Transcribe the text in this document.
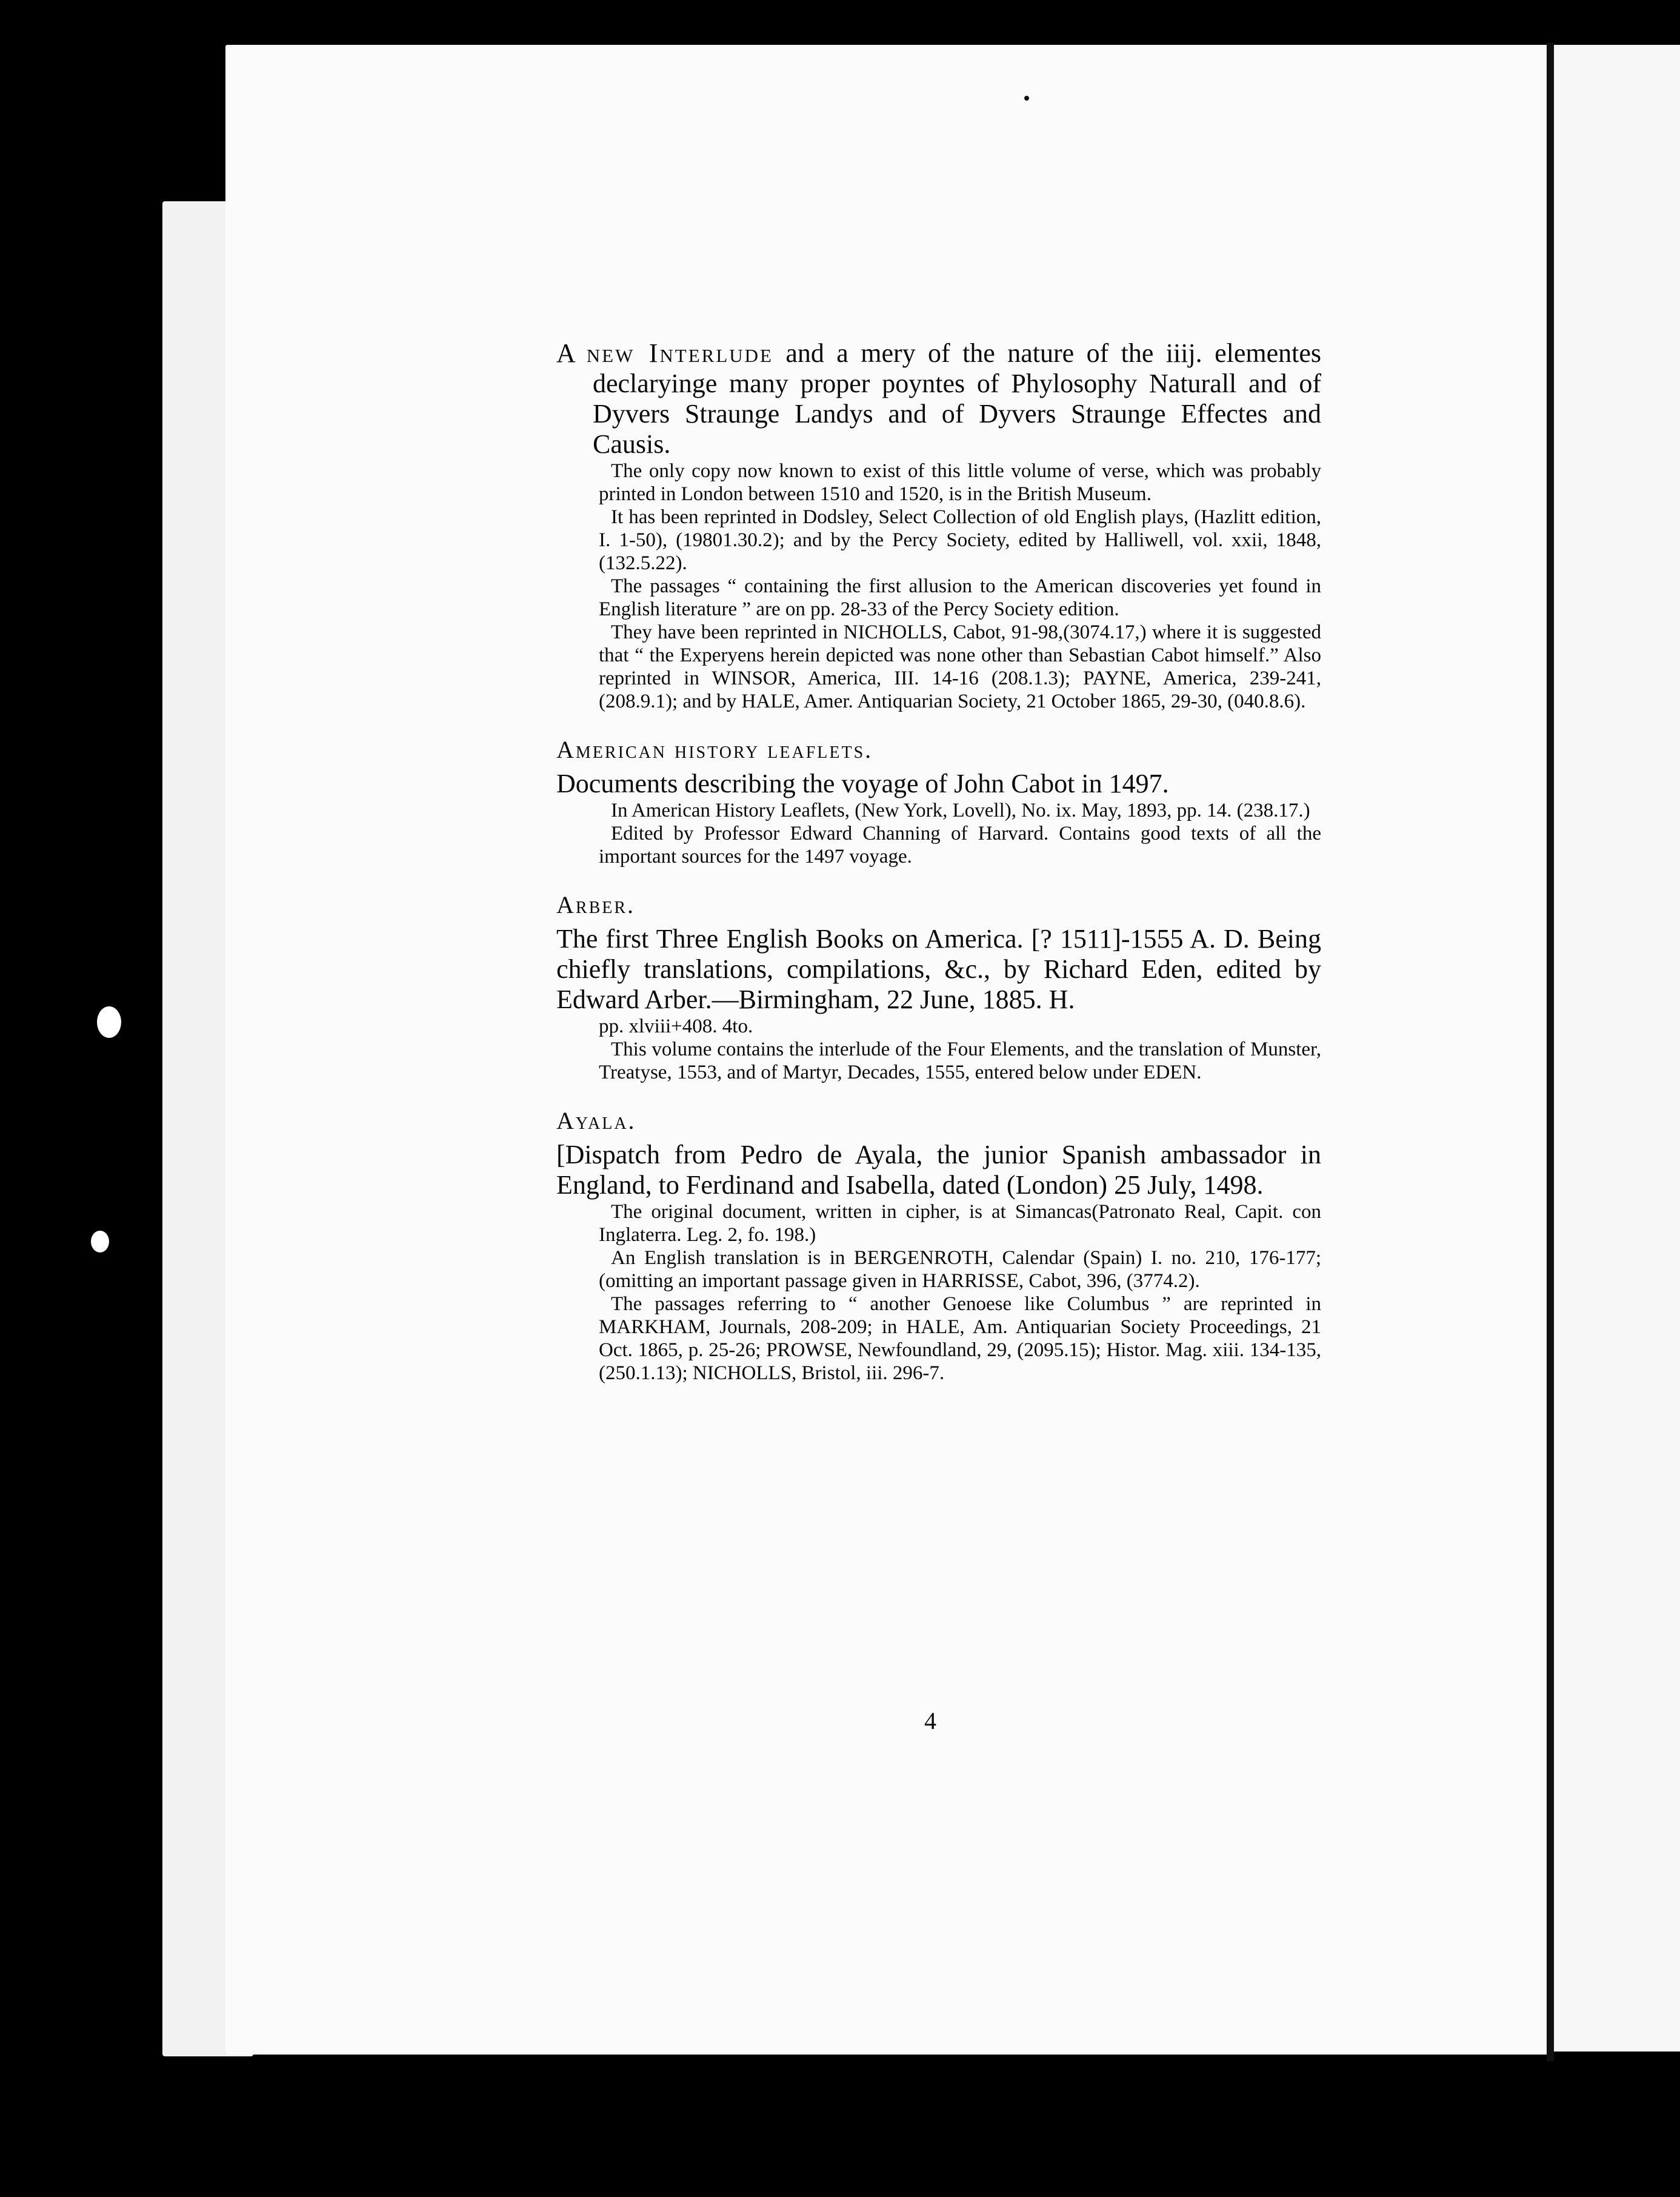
A new Interlude and a mery of the nature of the iiij. elementes declaryinge many proper poyntes of Phylosophy Naturall and of Dyvers Straunge Landys and of Dyvers Straunge Effectes and Causis.
The only copy now known to exist of this little volume of verse, which was probably printed in London between 1510 and 1520, is in the British Museum.
It has been reprinted in Dodsley, Select Collection of old English plays, (Hazlitt edition, I. 1-50), (19801.30.2); and by the Percy Society, edited by Halliwell, vol. xxii, 1848, (132.5.22).
The passages “ containing the first allusion to the American discoveries yet found in English literature ” are on pp. 28-33 of the Percy Society edition.
They have been reprinted in NICHOLLS, Cabot, 91-98,(3074.17,) where it is suggested that “ the Experyens herein depicted was none other than Sebastian Cabot himself.” Also reprinted in WINSOR, America, III. 14-16 (208.1.3); PAYNE, America, 239-241, (208.9.1); and by HALE, Amer. Antiquarian Society, 21 October 1865, 29-30, (040.8.6).
American history leaflets.
Documents describing the voyage of John Cabot in 1497.
In American History Leaflets, (New York, Lovell), No. ix. May, 1893, pp. 14. (238.17.)
Edited by Professor Edward Channing of Harvard. Contains good texts of all the important sources for the 1497 voyage.
Arber.
The first Three English Books on America. [? 1511]-1555 A. D. Being chiefly translations, compilations, &c., by Richard Eden, edited by Edward Arber.—Birmingham, 22 June, 1885. H.
pp. xlviii+408. 4to.
This volume contains the interlude of the Four Elements, and the translation of Munster, Treatyse, 1553, and of Martyr, Decades, 1555, entered below under EDEN.
Ayala.
[Dispatch from Pedro de Ayala, the junior Spanish ambassador in England, to Ferdinand and Isabella, dated (London) 25 July, 1498.
The original document, written in cipher, is at Simancas(Patronato Real, Capit. con Inglaterra. Leg. 2, fo. 198.)
An English translation is in BERGENROTH, Calendar (Spain) I. no. 210, 176-177; (omitting an important passage given in HARRISSE, Cabot, 396, (3774.2).
The passages referring to “ another Genoese like Columbus ” are reprinted in MARKHAM, Journals, 208-209; in HALE, Am. Antiquarian Society Proceedings, 21 Oct. 1865, p. 25-26; PROWSE, Newfoundland, 29, (2095.15); Histor. Mag. xiii. 134-135, (250.1.13); NICHOLLS, Bristol, iii. 296-7.
4
